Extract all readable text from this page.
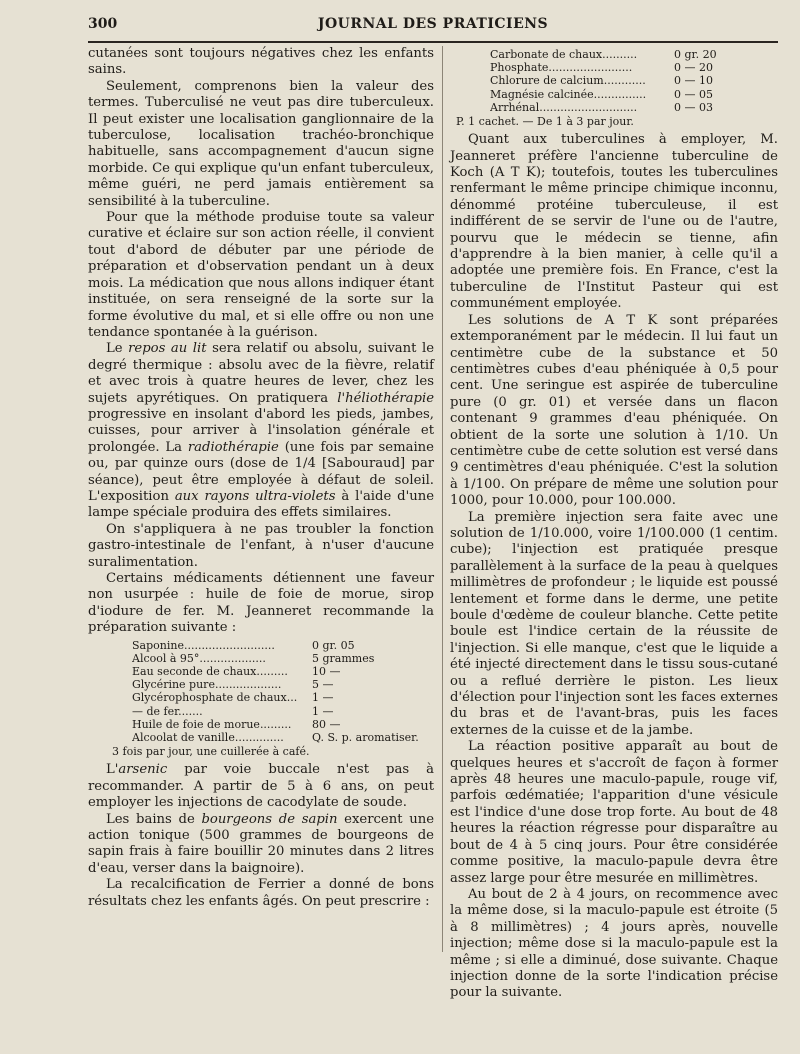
300	JOURNAL DES PRATICIENS

cutanées sont toujours négatives chez les enfants sains.

Seulement, comprenons bien la valeur des termes. Tuberculisé ne veut pas dire tuberculeux. Il peut exister une localisation ganglionnaire de la tuberculose, localisation trachéo-bronchique habituelle, sans accompagnement d'aucun signe morbide. Ce qui explique qu'un enfant tuberculeux, même guéri, ne perd jamais entièrement sa sensibilité à la tuberculine.

Pour que la méthode produise toute sa valeur curative et éclaire sur son action réelle, il convient tout d'abord de débuter par une période de préparation et d'observation pendant un à deux mois. La médication que nous allons indiquer étant instituée, on sera renseigné de la sorte sur la forme évolutive du mal, et si elle offre ou non une tendance spontanée à la guérison.

Le repos au lit sera relatif ou absolu, suivant le degré thermique : absolu avec de la fièvre, relatif et avec trois à quatre heures de lever, chez les sujets apyrétiques. On pratiquera l'héliothérapie progressive en insolant d'abord les pieds, jambes, cuisses, pour arriver à l'insolation générale et prolongée. La radiothérapie (une fois par semaine ou, par quinze ours (dose de 1/4 [Sabouraud] par séance), peut être employée à défaut de soleil. L'exposition aux rayons ultra-violets à l'aide d'une lampe spéciale produira des effets similaires.

On s'appliquera à ne pas troubler la fonction gastro-intestinale de l'enfant, à n'user d'aucune suralimentation.

Certains médicaments détiennent une faveur non usurpée : huile de foie de morue, sirop d'iodure de fer. M. Jeanneret recommande la préparation suivante :

Saponine..........................	0 gr. 05
Alcool à 95°...................	5 grammes
Eau seconde de chaux.........	10 —
Glycérine pure...................	5 —
Glycérophosphate de chaux...	1 —
— de fer.......	1 —
Huile de foie de morue.........	80 —
Alcoolat de vanille..............	Q. S. p. aromatiser.
3 fois par jour, une cuillerée à café.

L'arsenic par voie buccale n'est pas à recommander. A partir de 5 à 6 ans, on peut employer les injections de cacodylate de soude.

Les bains de bourgeons de sapin exercent une action tonique (500 grammes de bourgeons de sapin frais à faire bouillir 20 minutes dans 2 litres d'eau, verser dans la baignoire).

La recalcification de Ferrier a donné de bons résultats chez les enfants âgés. On peut prescrire :

Carbonate de chaux..........	0 gr. 20
Phosphate........................	0 — 20
Chlorure de calcium............	0 — 10
Magnésie calcinée...............	0 — 05
Arrhénal............................	0 — 03
P. 1 cachet. — De 1 à 3 par jour.

Quant aux tuberculines à employer, M. Jeanneret préfère l'ancienne tuberculine de Koch (A T K); toutefois, toutes les tuberculines renfermant le même principe chimique inconnu, dénommé protéine tuberculeuse, il est indifférent de se servir de l'une ou de l'autre, pourvu que le médecin se tienne, afin d'apprendre à la bien manier, à celle qu'il a adoptée une première fois. En France, c'est la tuberculine de l'Institut Pasteur qui est communément employée.

Les solutions de A T K sont préparées extemporanément par le médecin. Il lui faut un centimètre cube de la substance et 50 centimètres cubes d'eau phéniquée à 0,5 pour cent. Une seringue est aspirée de tuberculine pure (0 gr. 01) et versée dans un flacon contenant 9 grammes d'eau phéniquée. On obtient de la sorte une solution à 1/10. Un centimètre cube de cette solution est versé dans 9 centimètres d'eau phéniquée. C'est la solution à 1/100. On prépare de même une solution pour 1000, pour 10.000, pour 100.000.

La première injection sera faite avec une solution de 1/10.000, voire 1/100.000 (1 centim. cube); l'injection est pratiquée presque parallèlement à la surface de la peau à quelques millimètres de profondeur ; le liquide est poussé lentement et forme dans le derme, une petite boule d'œdème de couleur blanche. Cette petite boule est l'indice certain de la réussite de l'injection. Si elle manque, c'est que le liquide a été injecté directement dans le tissu sous-cutané ou a reflué derrière le piston. Les lieux d'élection pour l'injection sont les faces externes du bras et de l'avant-bras, puis les faces externes de la cuisse et de la jambe.

La réaction positive apparaît au bout de quelques heures et s'accroît de façon à former après 48 heures une maculo-papule, rouge vif, parfois œdématiée; l'apparition d'une vésicule est l'indice d'une dose trop forte. Au bout de 48 heures la réaction régresse pour disparaître au bout de 4 à 5 cinq jours. Pour être considérée comme positive, la maculo-papule devra être assez large pour être mesurée en millimètres.

Au bout de 2 à 4 jours, on recommence avec la même dose, si la maculo-papule est étroite (5 à 8 millimètres) ; 4 jours après, nouvelle injection; même dose si la maculo-papule est la même ; si elle a diminué, dose suivante. Chaque injection donne de la sorte l'indication précise pour la suivante.
